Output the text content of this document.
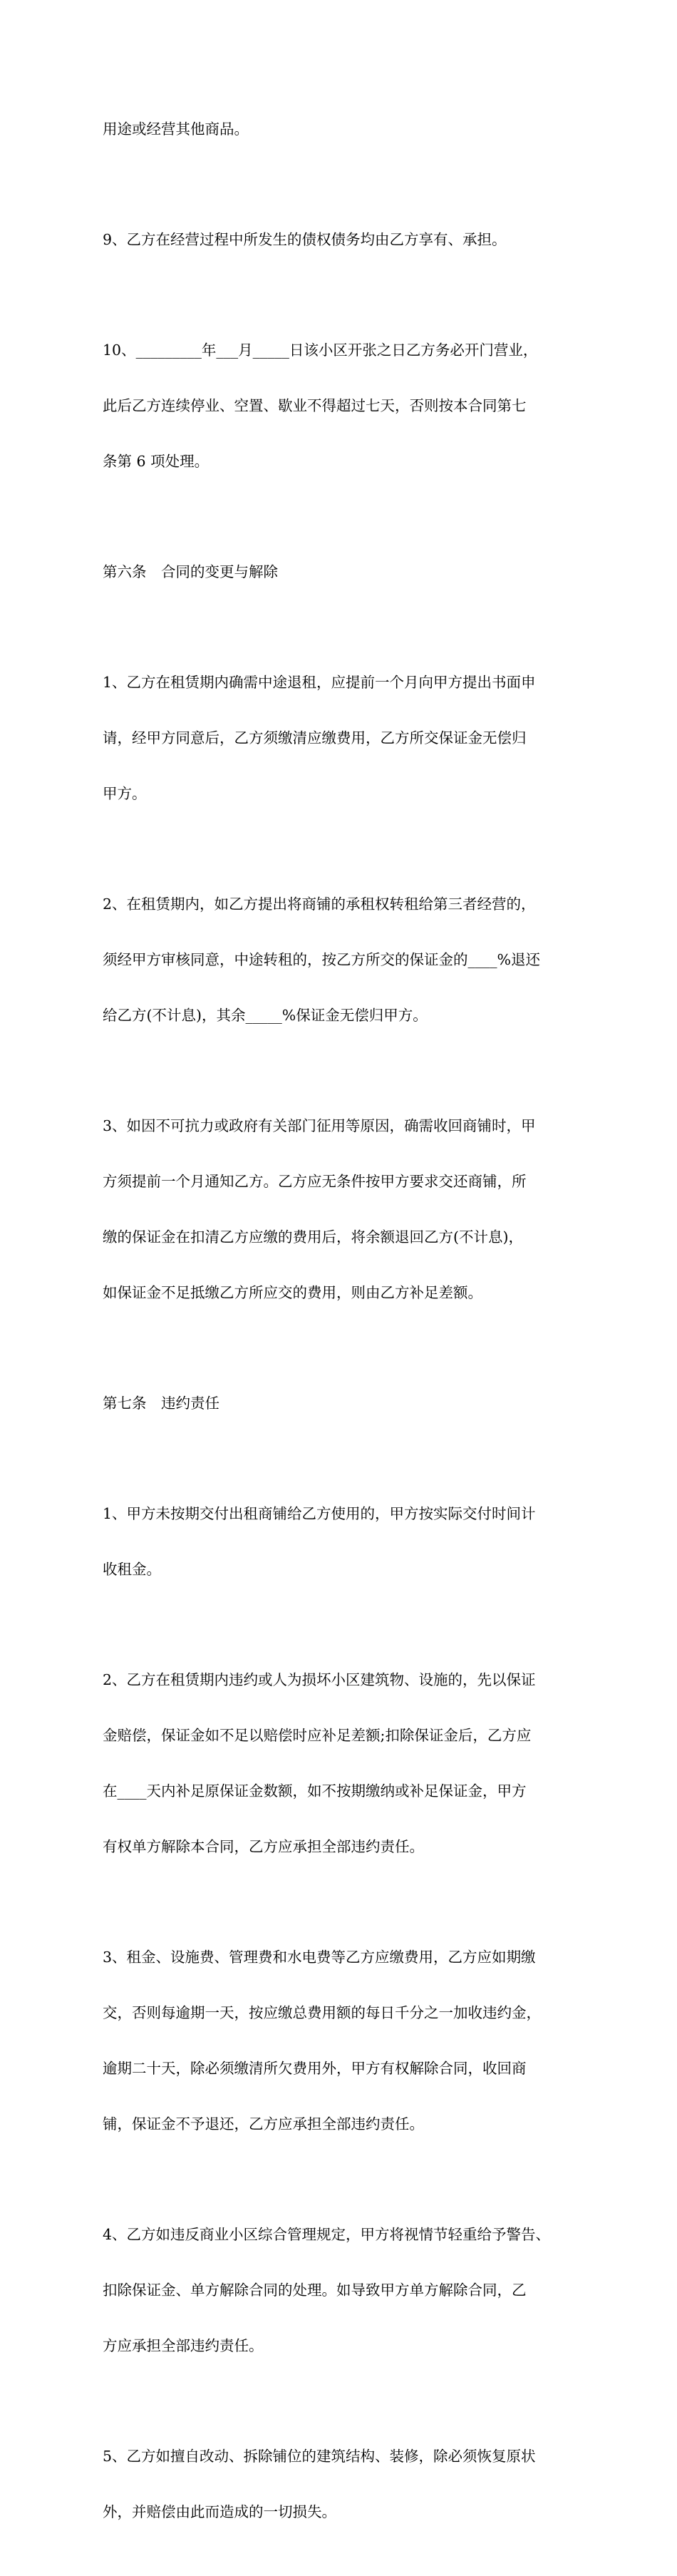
用途或经营其他商品。

9、乙方在经营过程中所发生的债权债务均由乙方享有、承担。

10、_________年___月_____日该小区开张之日乙方务必开门营业，

此后乙方连续停业、空置、歇业不得超过七天，否则按本合同第七

条第 6 项处理。

第六条　合同的变更与解除

1、乙方在租赁期内确需中途退租，应提前一个月向甲方提出书面申

请，经甲方同意后，乙方须缴清应缴费用，乙方所交保证金无偿归

甲方。

2、在租赁期内，如乙方提出将商铺的承租权转租给第三者经营的，

须经甲方审核同意，中途转租的，按乙方所交的保证金的____%退还

给乙方(不计息)，其余_____%保证金无偿归甲方。

3、如因不可抗力或政府有关部门征用等原因，确需收回商铺时，甲

方须提前一个月通知乙方。乙方应无条件按甲方要求交还商铺，所

缴的保证金在扣清乙方应缴的费用后，将余额退回乙方(不计息)，

如保证金不足抵缴乙方所应交的费用，则由乙方补足差额。

第七条　违约责任

1、甲方未按期交付出租商铺给乙方使用的，甲方按实际交付时间计

收租金。

2、乙方在租赁期内违约或人为损坏小区建筑物、设施的，先以保证

金赔偿，保证金如不足以赔偿时应补足差额;扣除保证金后，乙方应

在____天内补足原保证金数额，如不按期缴纳或补足保证金，甲方

有权单方解除本合同，乙方应承担全部违约责任。

3、租金、设施费、管理费和水电费等乙方应缴费用，乙方应如期缴

交，否则每逾期一天，按应缴总费用额的每日千分之一加收违约金，

逾期二十天，除必须缴清所欠费用外，甲方有权解除合同，收回商

铺，保证金不予退还，乙方应承担全部违约责任。

4、乙方如违反商业小区综合管理规定，甲方将视情节轻重给予警告、

扣除保证金、单方解除合同的处理。如导致甲方单方解除合同，乙

方应承担全部违约责任。

5、乙方如擅自改动、拆除铺位的建筑结构、装修，除必须恢复原状

外，并赔偿由此而造成的一切损失。
